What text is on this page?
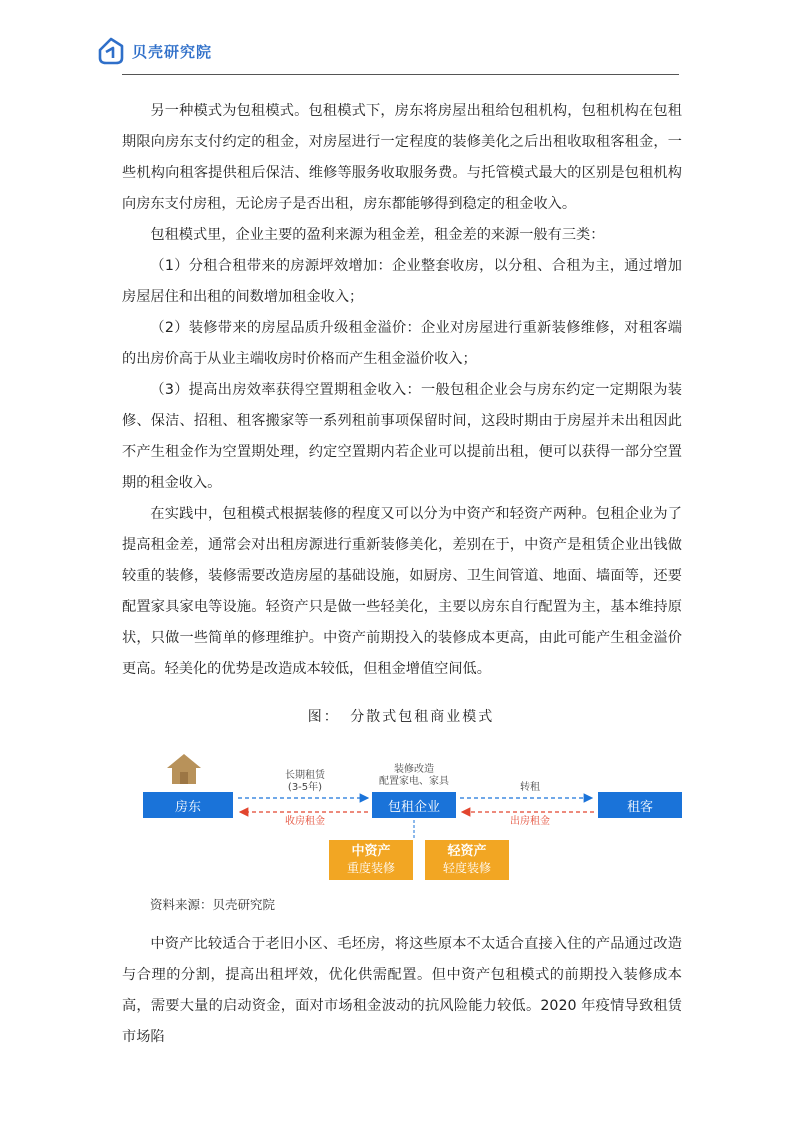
贝壳研究院

另一种模式为包租模式。包租模式下，房东将房屋出租给包租机构，包租机构在包租期限向房东支付约定的租金，对房屋进行一定程度的装修美化之后出租收取租客租金，一些机构向租客提供租后保洁、维修等服务收取服务费。与托管模式最大的区别是包租机构向房东支付房租，无论房子是否出租，房东都能够得到稳定的租金收入。

包租模式里，企业主要的盈利来源为租金差，租金差的来源一般有三类：

（1）分租合租带来的房源坪效增加：企业整套收房，以分租、合租为主，通过增加房屋居住和出租的间数增加租金收入；

（2）装修带来的房屋品质升级租金溢价：企业对房屋进行重新装修维修，对租客端的出房价高于从业主端收房时价格而产生租金溢价收入；

（3）提高出房效率获得空置期租金收入：一般包租企业会与房东约定一定期限为装修、保洁、招租、租客搬家等一系列租前事项保留时间，这段时期由于房屋并未出租因此不产生租金作为空置期处理，约定空置期内若企业可以提前出租，便可以获得一部分空置期的租金收入。

在实践中，包租模式根据装修的程度又可以分为中资产和轻资产两种。包租企业为了提高租金差，通常会对出租房源进行重新装修美化，差别在于，中资产是租赁企业出钱做较重的装修，装修需要改造房屋的基础设施，如厨房、卫生间管道、地面、墙面等，还要配置家具家电等设施。轻资产只是做一些轻美化，主要以房东自行配置为主，基本维持原状，只做一些简单的修理维护。中资产前期投入的装修成本更高，由此可能产生租金溢价更高。轻美化的优势是改造成本较低，但租金增值空间低。

图： 分散式包租商业模式
房东	包租企业	租客
长期租赁
(3-5年)
收房租金
装修改造
配置家电、家具
转租
出房租金
中资产
重度装修
轻资产
轻度装修
资料来源：贝壳研究院

中资产比较适合于老旧小区、毛坯房，将这些原本不太适合直接入住的产品通过改造与合理的分割，提高出租坪效，优化供需配置。但中资产包租模式的前期投入装修成本高，需要大量的启动资金，面对市场租金波动的抗风险能力较低。2020 年疫情导致租赁市场陷
